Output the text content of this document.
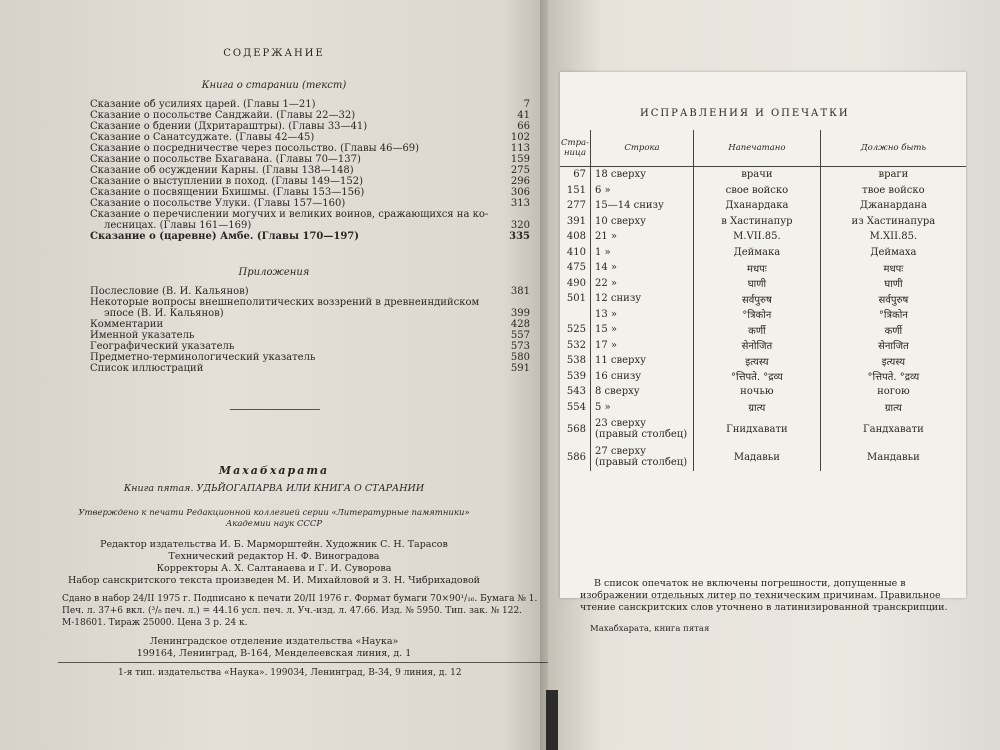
СОДЕРЖАНИЕ
Книга о старании (текст)
Сказание об усилиях царей. (Главы 1—21)	7
Сказание о посольстве Санджайи. (Главы 22—32)	41
Сказание о бдении (Дхритараштры). (Главы 33—41)	66
Сказание о Санатсуджате. (Главы 42—45)	102
Сказание о посредничестве через посольство. (Главы 46—69)	113
Сказание о посольстве Бхагавана. (Главы 70—137)	159
Сказание об осуждении Карны. (Главы 138—148)	275
Сказание о выступлении в поход. (Главы 149—152)	296
Сказание о посвящении Бхишмы. (Главы 153—156)	306
Сказание о посольстве Улуки. (Главы 157—160)	313
Сказание о перечислении могучих и великих воинов, сражающихся на ко-
лесницах. (Главы 161—169)	320
Сказание о (царевне) Амбе. (Главы 170—197)	335
Приложения
Послесловие (В. И. Кальянов)	381
Некоторые вопросы внешнеполитических воззрений в древнеиндийском
эпосе (В. И. Кальянов)	399
Комментарии	428
Именной указатель	557
Географический указатель	573
Предметно-терминологический указатель	580
Список иллюстраций	591
Махабхарата
Книга пятая. УДЬЙОГАПАРВА ИЛИ КНИГА О СТАРАНИИ
Утверждено к печати Редакционной коллегией серии «Литературные памятники»
Академии наук СССР
Редактор издательства И. Б. Марморштейн. Художник С. Н. Тарасов
Технический редактор Н. Ф. Виноградова
Корректоры А. Х. Салтанаева и Г. И. Суворова
Набор санскритского текста произведен М. И. Михайловой и З. Н. Чибрихадовой
Сдано в набор 24/II 1975 г. Подписано к печати 20/II 1976 г. Формат бумаги 70×90¹/₁₆. Бумага № 1.
Печ. л. 37+6 вкл. (³/₈ печ. л.) = 44.16 усл. печ. л. Уч.-изд. л. 47.66. Изд. № 5950. Тип. зак. № 122.
М-18601. Тираж 25000. Цена 3 р. 24 к.
Ленинградское отделение издательства «Наука»
199164, Ленинград, В-164, Менделеевская линия, д. 1
1-я тип. издательства «Наука». 199034, Ленинград, В-34, 9 линия, д. 12
ИСПРАВЛЕНИЯ И ОПЕЧАТКИ
Стра-ница	Строка	Напечатано	Должно быть
67	18 сверху	врачи	враги
151	6 »	свое войско	твое войско
277	15—14 снизу	Дханардака	Джанардана
391	10 сверху	в Хастинапур	из Хастинапура
408	21 »	M.VII.85.	M.XII.85.
410	1 »	Деймака	Деймаха
475	14 »	मधपः	मधपः
490	22 »	घाणी	घाणी
501	12 снизу	सर्वपुरुष	सर्वपुरुष
	13 »	°त्रिकोन	°त्रिकोन
525	15 »	कर्णी	कर्णी
532	17 »	सेनोजित	सेनाजित
538	11 сверху	इत्यस्य	इत्यस्य
539	16 снизу	°त्तिपते. °द्रव्य	°त्तिपते. °द्रव्य
543	8 сверху	ночью	ногою
554	5 »	ग्रात्य	ग्रात्य
568	23 сверху (правый столбец)	Гнидхавати	Гандхавати
586	27 сверху (правый столбец)	Мадавьи	Мандавьи
В список опечаток не включены погрешности, допущенные в изображении отдельных литер по техническим причинам. Правильное чтение санскритских слов уточнено в латинизированной транскрипции.
Махабхарата, книга пятая
